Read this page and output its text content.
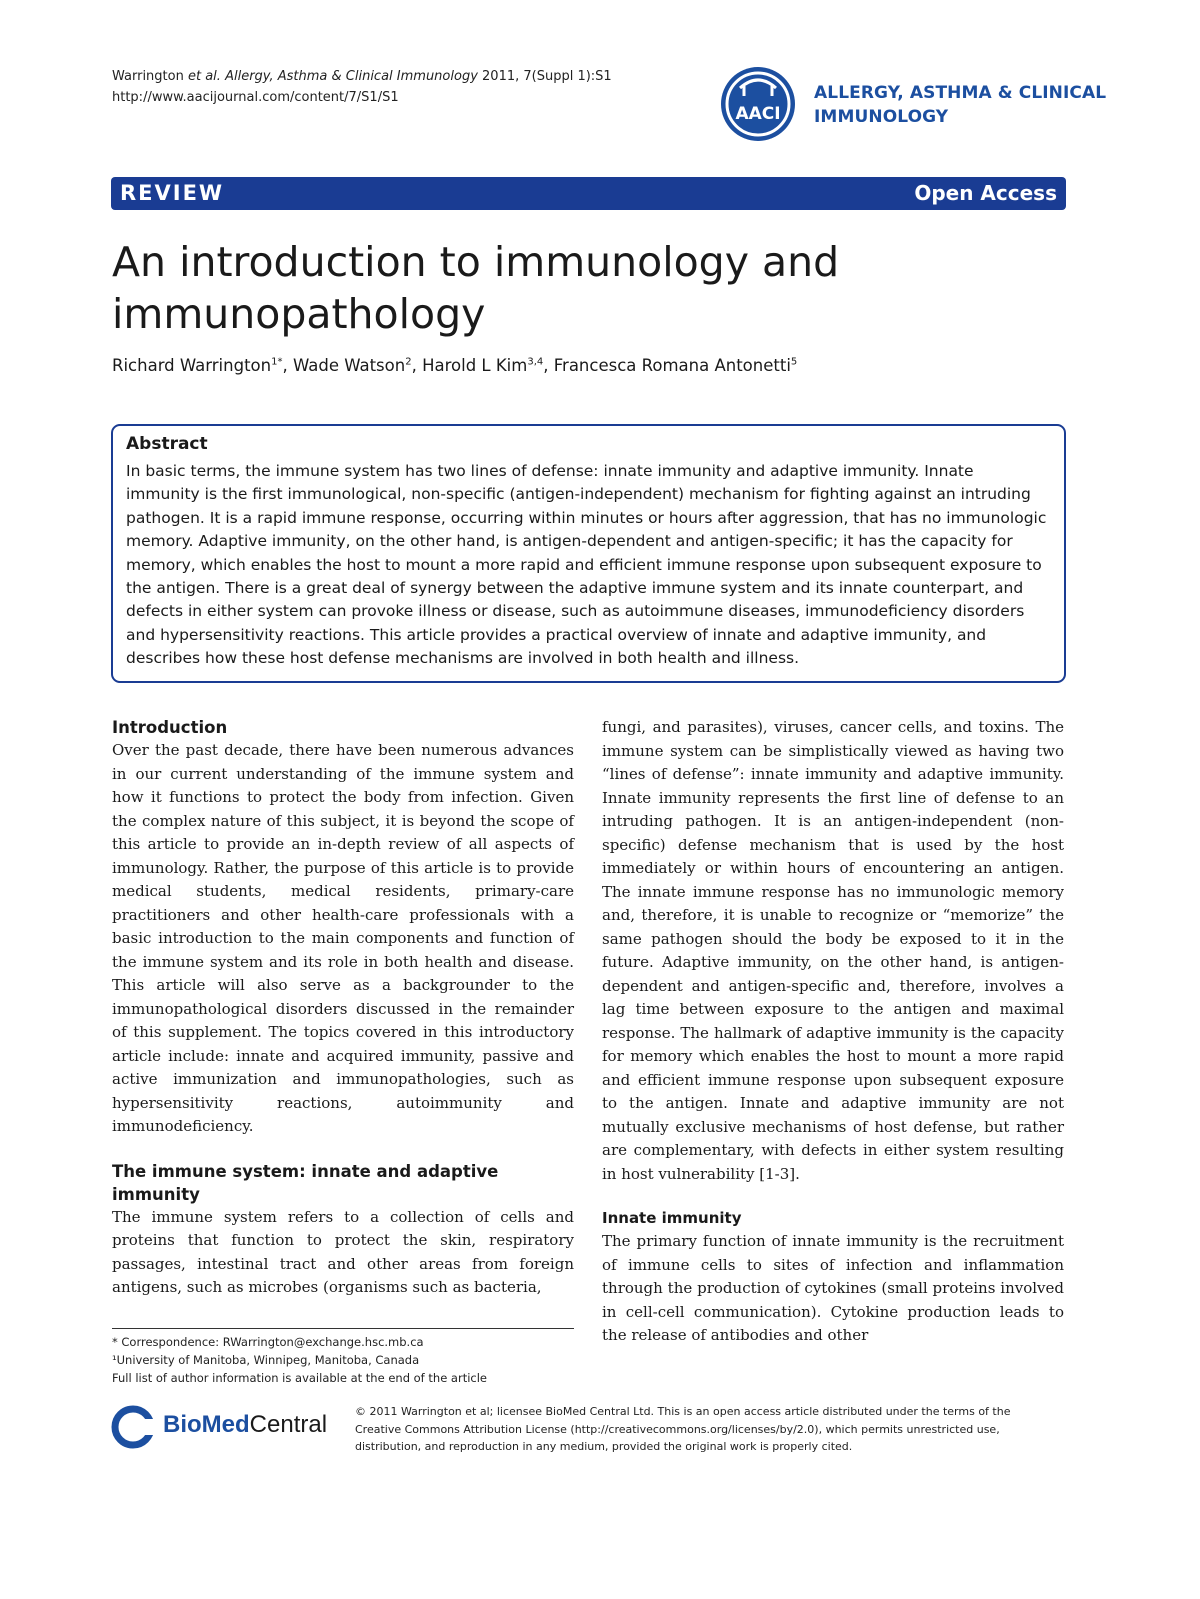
Warrington et al. Allergy, Asthma & Clinical Immunology 2011, 7(Suppl 1):S1
http://www.aacijournal.com/content/7/S1/S1
AACI
ALLERGY, ASTHMA & CLINICAL
IMMUNOLOGY
REVIEW	Open Access
An introduction to immunology and immunopathology
Richard Warrington$^{1*}$, Wade Watson$^2$, Harold L Kim$^{3,4}$, Francesca Romana Antonetti$^5$
Abstract

In basic terms, the immune system has two lines of defense: innate immunity and adaptive immunity. Innate immunity is the first immunological, non-specific (antigen-independent) mechanism for fighting against an intruding pathogen. It is a rapid immune response, occurring within minutes or hours after aggression, that has no immunologic memory. Adaptive immunity, on the other hand, is antigen-dependent and antigen-specific; it has the capacity for memory, which enables the host to mount a more rapid and efficient immune response upon subsequent exposure to the antigen. There is a great deal of synergy between the adaptive immune system and its innate counterpart, and defects in either system can provoke illness or disease, such as autoimmune diseases, immunodeficiency disorders and hypersensitivity reactions. This article provides a practical overview of innate and adaptive immunity, and describes how these host defense mechanisms are involved in both health and illness.

Introduction

Over the past decade, there have been numerous advances in our current understanding of the immune system and how it functions to protect the body from infection. Given the complex nature of this subject, it is beyond the scope of this article to provide an in-depth review of all aspects of immunology. Rather, the purpose of this article is to provide medical students, medical residents, primary-care practitioners and other health-care professionals with a basic introduction to the main components and function of the immune system and its role in both health and disease. This article will also serve as a backgrounder to the immunopathological disorders discussed in the remainder of this supplement. The topics covered in this introductory article include: innate and acquired immunity, passive and active immunization and immunopathologies, such as hypersensitivity reactions, autoimmunity and immunodeficiency.

The immune system: innate and adaptive immunity

The immune system refers to a collection of cells and proteins that function to protect the skin, respiratory passages, intestinal tract and other areas from foreign antigens, such as microbes (organisms such as bacteria,

fungi, and parasites), viruses, cancer cells, and toxins. The immune system can be simplistically viewed as having two “lines of defense”: innate immunity and adaptive immunity. Innate immunity represents the first line of defense to an intruding pathogen. It is an antigen-independent (non-specific) defense mechanism that is used by the host immediately or within hours of encountering an antigen. The innate immune response has no immunologic memory and, therefore, it is unable to recognize or “memorize” the same pathogen should the body be exposed to it in the future. Adaptive immunity, on the other hand, is antigen-dependent and antigen-specific and, therefore, involves a lag time between exposure to the antigen and maximal response. The hallmark of adaptive immunity is the capacity for memory which enables the host to mount a more rapid and efficient immune response upon subsequent exposure to the antigen. Innate and adaptive immunity are not mutually exclusive mechanisms of host defense, but rather are complementary, with defects in either system resulting in host vulnerability [1-3].

Innate immunity

The primary function of innate immunity is the recruitment of immune cells to sites of infection and inflammation through the production of cytokines (small proteins involved in cell-cell communication). Cytokine production leads to the release of antibodies and other

* Correspondence: RWarrington@exchange.hsc.mb.ca
¹University of Manitoba, Winnipeg, Manitoba, Canada
Full list of author information is available at the end of the article
BioMedCentral	© 2011 Warrington et al; licensee BioMed Central Ltd. This is an open access article distributed under the terms of the Creative Commons Attribution License (http://creativecommons.org/licenses/by/2.0), which permits unrestricted use, distribution, and reproduction in any medium, provided the original work is properly cited.
